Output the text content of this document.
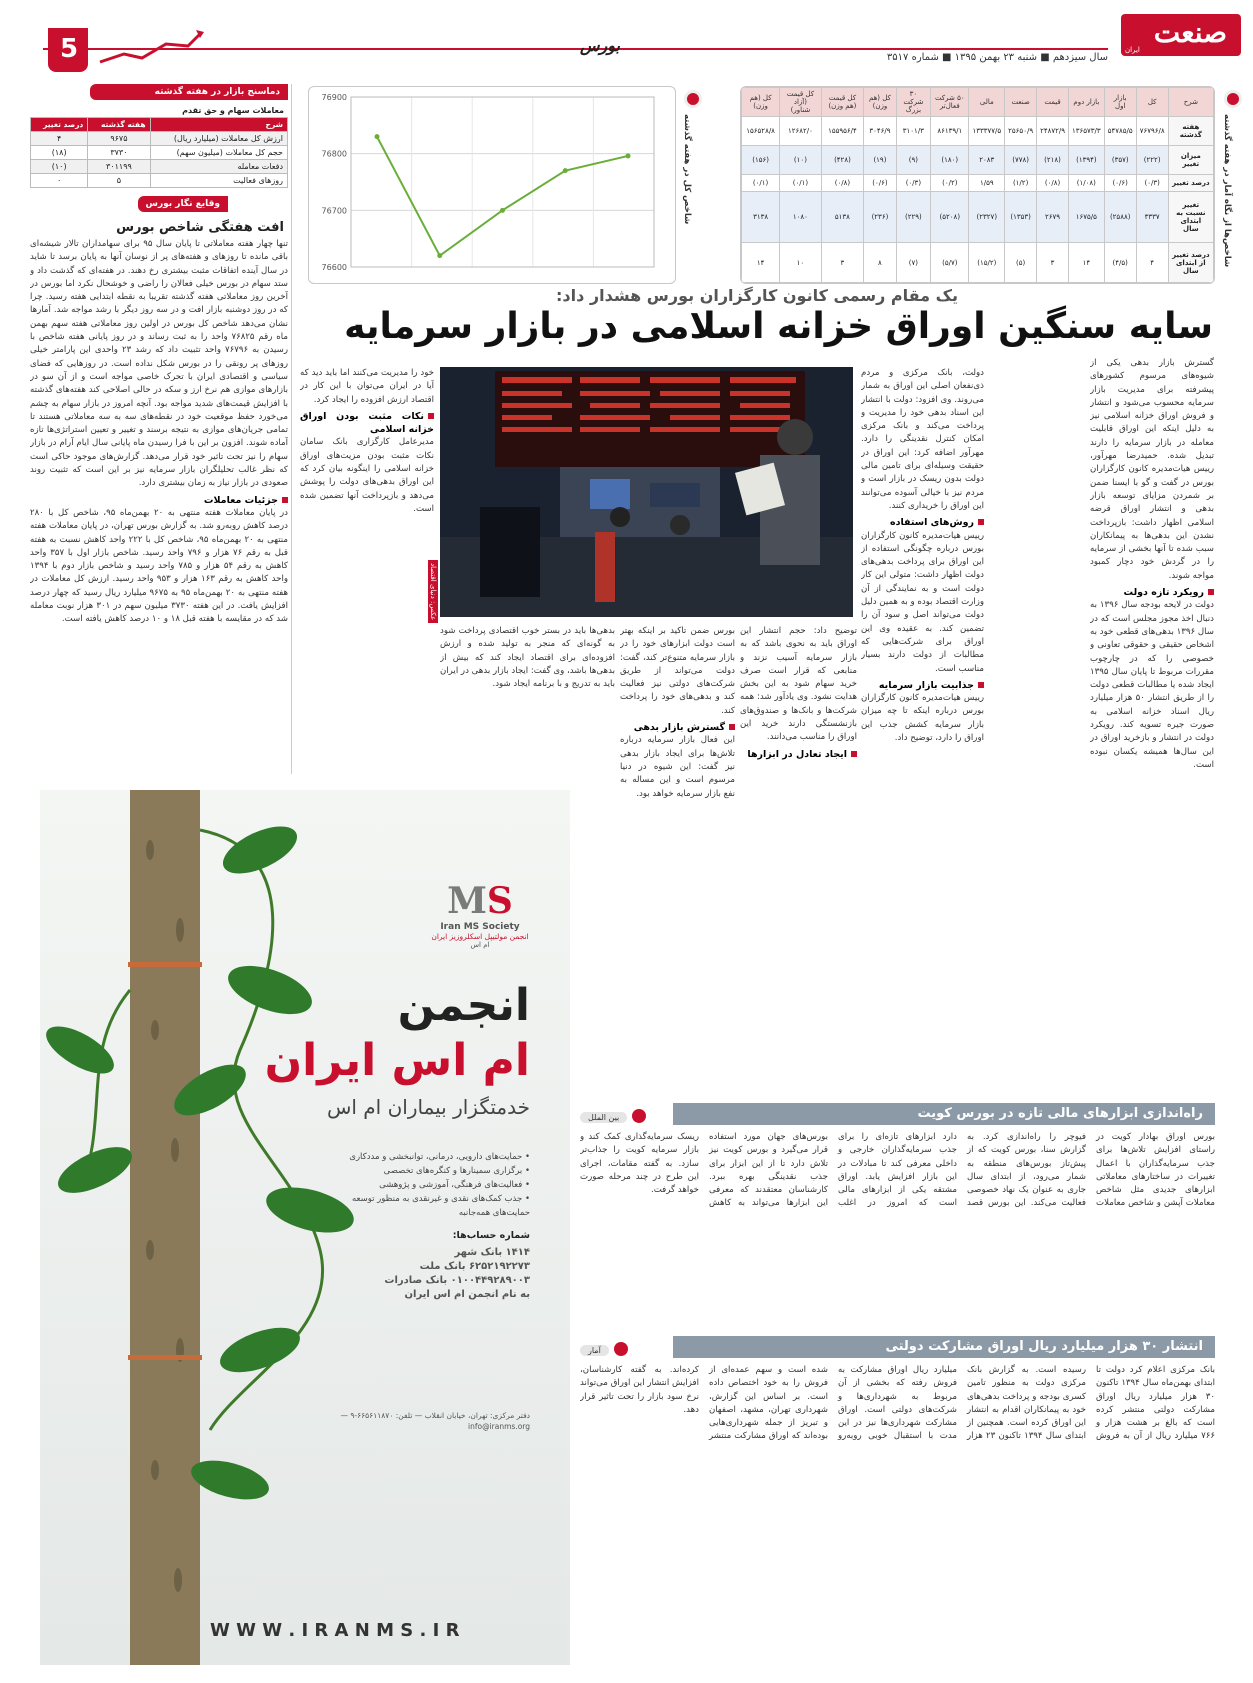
صنعت
ایران
سال سیزدهم ■ شنبه ۲۳ بهمن ۱۳۹۵ ■ شماره ۳۵۱۷
بورس
5
شرح	کل	بازار اول	بازار دوم	قیمت	صنعت	مالی	۵۰ شرکت فعال‌تر	۳۰ شرکت بزرگ	کل (هم وزن)	کل قیمت (هم وزن)	کل قیمت (آزاد شناور)	کل (هم وزن)
هفته گذشته	۷۶۷۹۶/۸	۵۴۷۸۵/۵	۱۳۶۵۷۳/۳	۲۴۸۷۲/۹	۲۵۶۵۰/۹	۱۳۳۳۷۷/۵	۸۶۱۳۹/۱	۳۱۰۱/۳	۳۰۴۶/۹	۱۵۵۹۵۶/۴	۱۲۶۸۲/۰	۱۵۶۵۲۸/۸
میزان تغییر	(۲۲۲)	(۳۵۷)	(۱۳۹۴)	(۲۱۸)	(۷۷۸)	۲۰۸۳	(۱۸۰)	(۹)	(۱۹)	(۴۲۸)	(۱۰)	(۱۵۶)
درصد تغییر	(۰/۳)	(۰/۶)	(۱/۰۸)	(۰/۸)	(۱/۲)	۱/۵۹	(۰/۲)	(۰/۳)	(۰/۶)	(۰/۸)	(۰/۱)	(۰/۱)
تغییر نسبت به ابتدای سال	۳۳۳۷	(۲۵۸۸)	۱۶۷۵/۵	۲۶۷۹	(۱۳۵۳)	(۲۳۲۷)	(۵۲۰۸)	(۲۲۹)	(۲۳۶)	۵۱۳۸	۱۰۸۰	۳۱۳۸
درصد تغییر از ابتدای سال	۴	(۴/۵)	۱۴	۳	(۵)	(۱۵/۲)	(۵/۷)	(۷)	۸	۳	۱۰	۱۴	شاخص‌ها از نگاه آمار در هفته گذشته
76600
76700
76800
76900
شاخص کل در هفته گذشته
دماسنج بازار در هفته گذشته
معاملات سهام و حق تقدم
شرح	هفته گذشته	درصد تغییر
ارزش کل معاملات (میلیارد ریال)	۹۶۷۵	۴
حجم کل معاملات (میلیون سهم)	۳۷۳۰	(۱۸)
دفعات معامله	۳۰۱۱۹۹	(۱۰)
روزهای فعالیت	۵	۰
وقایع نگار بورس
افت هفتگی شاخص بورس
تنها چهار هفته معاملاتی تا پایان سال ۹۵ برای سهامداران تالار شیشه‌ای باقی مانده تا روزهای و هفته‌های پر از نوسان آنها به پایان برسد تا شاید در سال آینده اتفاقات مثبت بیشتری رخ دهند. در هفته‌ای که گذشت داد و ستد سهام در بورس خیلی فعالان را راضی و خوشحال نکرد اما بورس در آخرین روز معاملاتی هفته گذشته تقریبا به نقطه ابتدایی هفته رسید. چرا که در روز دوشنبه بازار افت و در سه روز دیگر با رشد مواجه شد. آمارها نشان می‌دهد شاخص کل بورس در اولین روز معاملاتی هفته سهم بهمن ماه رقم ۷۶۸۲۵ واحد را به ثبت رساند و در روز پایانی هفته شاخص با رسیدن به ۷۶۷۹۶ واحد تثبیت داد که رشد ۲۳ واحدی این پارامتر خیلی روزهای پر رونقی را در بورس شکل نداده است. در روزهایی که فضای سیاسی و اقتصادی ایران با تحرک خاصی مواجه است و از آن سو در بازارهای موازی هم نرخ ارز و سکه در حالی اصلاحی کند هفته‌های گذشته با افزایش قیمت‌های شدید مواجه بود. آنچه امروز در بازار سهام به چشم می‌خورد حفظ موقعیت خود در نقطه‌های سه به سه معاملاتی هستند تا تمامی جریان‌های موازی به نتیجه برسند و تغییر و تعیین استراتژی‌ها تازه آماده شوند. افزون بر این با فرا رسیدن ماه پایانی سال ایام آرام در بازار سهام را نیز تحت تاثیر خود قرار می‌دهد. گزارش‌های موجود حاکی است که نظر غالب تحلیلگران بازار سرمایه نیز بر این است که تثبیت روند صعودی در بازار نیاز به زمان بیشتری دارد.
جزئیات معاملات
در پایان معاملات هفته منتهی به ۲۰ بهمن‌ماه ۹۵، شاخص کل با ۲۸۰ درصد کاهش روبه‌رو شد. به گزارش بورس تهران، در پایان معاملات هفته منتهی به ۲۰ بهمن‌ماه ۹۵، شاخص کل با ۲۲۲ واحد کاهش نسبت به هفته قبل به رقم ۷۶ هزار و ۷۹۶ واحد رسید. شاخص بازار اول با ۳۵۷ واحد کاهش به رقم ۵۴ هزار و ۷۸۵ واحد رسید و شاخص بازار دوم با ۱۳۹۴ واحد کاهش به رقم ۱۶۳ هزار و ۹۵۳ واحد رسید. ارزش کل معاملات در هفته منتهی به ۲۰ بهمن‌ماه ۹۵ به ۹۶۷۵ میلیارد ریال رسید که چهار درصد افزایش یافت. در این هفته ۳۷۳۰ میلیون سهم در ۳۰۱ هزار نوبت معامله شد که در مقایسه با هفته قبل ۱۸ و ۱۰ درصد کاهش یافته است.
یک مقام رسمی کانون کارگزاران بورس هشدار داد:
سایه سنگین اوراق خزانه اسلامی در بازار سرمایه
عکس: دنیای اقتصاد
گسترش بازار بدهی یکی از شیوه‌های مرسوم کشورهای پیشرفته برای مدیریت بازار سرمایه محسوب می‌شود و انتشار و فروش اوراق خزانه اسلامی نیز به دلیل اینکه این اوراق قابلیت معامله در بازار سرمایه را دارند تبدیل شده. حمید‌رضا مهرآور، رییس هیات‌مدیره کانون کارگزاران بورس در گفت و گو با ایسنا ضمن بر شمردن مزایای توسعه بازار بدهی و انتشار اوراق قرضه اسلامی اظهار داشت: بازپرداخت نشدن این بدهی‌ها به پیمانکاران سبب شده تا آنها بخشی از سرمایه را در گردش خود دچار کمبود مواجه شوند.
رویکرد تازه دولت
دولت در لایحه بودجه سال ۱۳۹۶ به دنبال اخذ مجوز مجلس است که در سال ۱۳۹۶ بدهی‌های قطعی خود به اشخاص حقیقی و حقوقی تعاونی و خصوصی را که در چارچوب مقررات مربوط تا پایان سال ۱۳۹۵ ایجاد شده یا مطالبات قطعی دولت را از طریق انتشار ۵۰ هزار میلیارد ریال اسناد خزانه اسلامی به صورت جیره تسویه کند. رویکرد دولت در انتشار و بازخرید اوراق در این سال‌ها همیشه یکسان نبوده است.
دولت، بانک مرکزی و مردم ذی‌نفعان اصلی این اوراق به شمار می‌روند. وی افزود: دولت با انتشار این اسناد بدهی خود را مدیریت و پرداخت می‌کند و بانک مرکزی امکان کنترل نقدینگی را دارد. مهرآور اضافه کرد: این اوراق در حقیقت وسیله‌ای برای تامین مالی دولت بدون ریسک در بازار است و مردم نیز با خیالی آسوده می‌توانند این اوراق را خریداری کنند.
روش‌های استفاده
رییس هیات‌مدیره کانون کارگزاران بورس درباره چگونگی استفاده از این اوراق برای پرداخت بدهی‌های دولت اظهار داشت: متولی این کار دولت است و به نمایندگی از آن وزارت اقتصاد بوده و به همین دلیل دولت می‌تواند اصل و سود آن را تضمین کند. به عقیده وی این اوراق برای شرکت‌هایی که مطالبات از دولت دارند بسیار مناسب است.
جذابیت بازار سرمایه
رییس هیات‌مدیره کانون کارگزاران بورس درباره اینکه تا چه میزان بازار سرمایه کشش جذب این اوراق را دارد، توضیح داد.
توضیح داد: حجم انتشار این اوراق باید به نحوی باشد که به بازار سرمایه آسیب نزند و منابعی که قرار است صرف خرید سهام شود به این بخش هدایت نشود. وی یادآور شد: همه شرکت‌ها و بانک‌ها و صندوق‌های بازنشستگی دارند خرید این اوراق را مناسب می‌دانند.
ایجاد تعادل در ابزارها
بورس ضمن تاکید بر اینکه بهتر است دولت ابزارهای خود را در بازار سرمایه متنوع‌تر کند، گفت: دولت می‌تواند از طریق شرکت‌های دولتی نیز فعالیت کند و بدهی‌های خود را پرداخت کند.
گسترش بازار بدهی
این فعال بازار سرمایه درباره تلاش‌ها برای ایجاد بازار بدهی نیز گفت: این شیوه در دنیا مرسوم است و این مساله به نفع بازار سرمایه خواهد بود.
بدهی‌ها باید در بستر خوب اقتصادی پرداخت شود به گونه‌ای که منجر به تولید شده و ارزش افزوده‌ای برای اقتصاد ایجاد کند که بیش از بدهی‌ها باشد، وی گفت: ایجاد بازار بدهی در ایران باید به تدریج و با برنامه ایجاد شود.
خود را مدیریت می‌کنند اما باید دید که آیا در ایران می‌توان با این کار در اقتصاد ارزش افزوده را ایجاد کرد.
نکات مثبت بودن اوراق خزانه اسلامی
مدیرعامل کارگزاری بانک سامان نکات مثبت بودن مزیت‌های اوراق خزانه اسلامی را اینگونه بیان کرد که این اوراق بدهی‌های دولت را پوشش می‌دهد و بازپرداخت آنها تضمین شده است.
MS
Iran MS Society
انجمن مولتیپل اسکلروزیز ایران
ام اس
انجمن
ام اس ایران
خدمتگزار بیماران ام اس
• حمایت‌های دارویی، درمانی، توانبخشی و مددکاری
• برگزاری سمینارها و کنگره‌های تخصصی
• فعالیت‌های فرهنگی، آموزشی و پژوهشی
• جذب کمک‌های نقدی و غیرنقدی به منظور توسعه حمایت‌های همه‌جانبه
شماره حساب‌ها:
۱۴۱۴ بانک شهر
۶۲۵۲۱۹۲۲۷۳ بانک ملت
۰۱۰۰۴۴۹۲۸۹۰۰۳ بانک صادرات
به نام انجمن ام اس ایران
دفتر مرکزی: تهران، خیابان انقلاب — تلفن: ۶۶۵۶۱۱۸۷۰-۹ — info@iranms.org
W W W . I R A N M S . I R
راه‌اندازی ابزارهای مالی تازه در بورس کویت
بین الملل
بورس اوراق بهادار کویت در راستای افزایش تلاش‌ها برای جذب سرمایه‌گذاران با اعمال تغییرات در ساختارهای معاملاتی ابزارهای جدیدی مثل شاخص معاملات آپشن و شاخص معاملات فیوچر را راه‌اندازی کرد. به گزارش سنا، بورس کویت که از پیش‌تاز بورس‌های منطقه به شمار می‌رود، از ابتدای سال جاری به عنوان یک نهاد خصوصی فعالیت می‌کند. این بورس قصد دارد ابزارهای تازه‌ای را برای جذب سرمایه‌گذاران خارجی و داخلی معرفی کند تا مبادلات در این بازار افزایش یابد. اوراق مشتقه یکی از ابزارهای مالی است که امروز در اغلب بورس‌های جهان مورد استفاده قرار می‌گیرد و بورس کویت نیز تلاش دارد تا از این ابزار برای جذب نقدینگی بهره ببرد. کارشناسان معتقدند که معرفی این ابزارها می‌تواند به کاهش ریسک سرمایه‌گذاری کمک کند و بازار سرمایه کویت را جذاب‌تر سازد. به گفته مقامات، اجرای این طرح در چند مرحله صورت خواهد گرفت.
انتشار ۳۰ هزار میلیارد ریال اوراق مشارکت دولتی
آمار
بانک مرکزی اعلام کرد دولت تا ابتدای بهمن‌ماه سال ۱۳۹۴ تاکنون ۳۰ هزار میلیارد ریال اوراق مشارکت دولتی منتشر کرده است که بالغ بر هشت هزار و ۷۶۶ میلیارد ریال از آن به فروش رسیده است. به گزارش بانک مرکزی دولت به منظور تامین کسری بودجه و پرداخت بدهی‌های خود به پیمانکاران اقدام به انتشار این اوراق کرده است. همچنین از ابتدای سال ۱۳۹۴ تاکنون ۲۳ هزار میلیارد ریال اوراق مشارکت به فروش رفته که بخشی از آن مربوط به شهرداری‌ها و شرکت‌های دولتی است. اوراق مشارکت شهرداری‌ها نیز در این مدت با استقبال خوبی روبه‌رو شده است و سهم عمده‌ای از فروش را به خود اختصاص داده است. بر اساس این گزارش، شهرداری تهران، مشهد، اصفهان و تبریز از جمله شهرداری‌هایی بوده‌اند که اوراق مشارکت منتشر کرده‌اند. به گفته کارشناسان، افزایش انتشار این اوراق می‌تواند نرخ سود بازار را تحت تاثیر قرار دهد.
